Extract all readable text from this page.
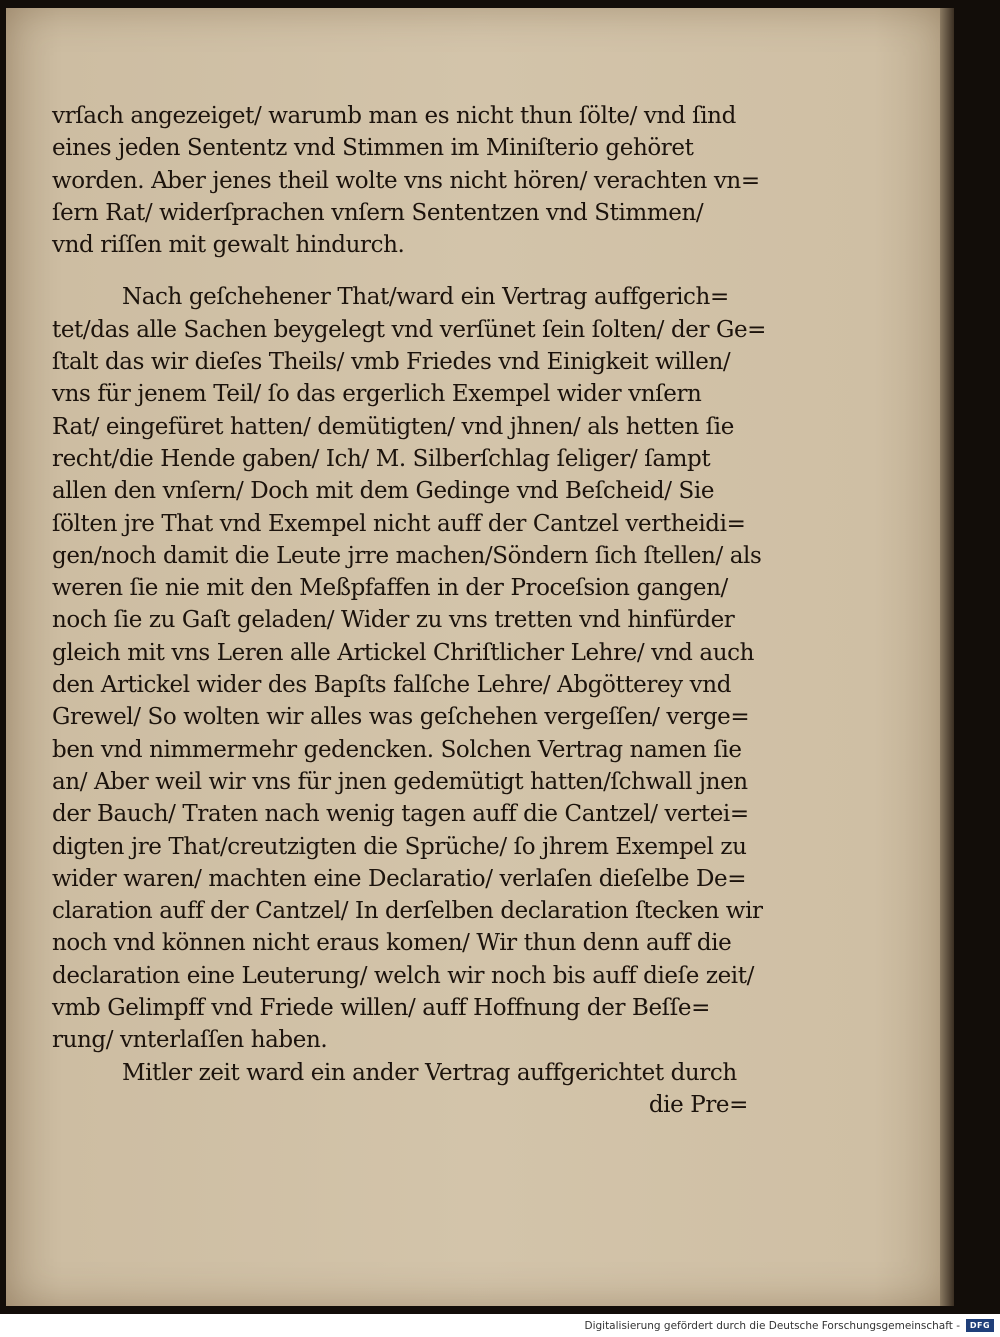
vrſach angezeiget/ warumb man es nicht thun ſölte/ vnd ſind
eines jeden Sententz vnd Stimmen im Miniſterio gehöret
worden. Aber jenes theil wolte vns nicht hören/ verachten vn=
ſern Rat/ widerſprachen vnſern Sententzen vnd Stimmen/
vnd riſſen mit gewalt hindurch.
Nach geſchehener That/ward ein Vertrag auffgerich=
tet/das alle Sachen beygelegt vnd verſünet ſein ſolten/ der Ge=
ſtalt das wir dieſes Theils/ vmb Friedes vnd Einigkeit willen/
vns für jenem Teil/ ſo das ergerlich Exempel wider vnſern
Rat/ eingefüret hatten/ demütigten/ vnd jhnen/ als hetten ſie
recht/die Hende gaben/ Ich/ M. Silberſchlag ſeliger/ ſampt
allen den vnſern/ Doch mit dem Gedinge vnd Beſcheid/ Sie
ſölten jre That vnd Exempel nicht auff der Cantzel vertheidi=
gen/noch damit die Leute jrre machen/Söndern ſich ſtellen/ als
weren ſie nie mit den Meßpfaffen in der Proceſsion gangen/
noch ſie zu Gaſt geladen/ Wider zu vns tretten vnd hinfürder
gleich mit vns Leren alle Artickel Chriſtlicher Lehre/ vnd auch
den Artickel wider des Bapſts falſche Lehre/ Abgötterey vnd
Grewel/ So wolten wir alles was geſchehen vergeſſen/ verge=
ben vnd nimmermehr gedencken. Solchen Vertrag namen ſie
an/ Aber weil wir vns für jnen gedemütigt hatten/ſchwall jnen
der Bauch/ Traten nach wenig tagen auff die Cantzel/ vertei=
digten jre That/creutzigten die Sprüche/ ſo jhrem Exempel zu
wider waren/ machten eine Declaratio/ verlaſen dieſelbe De=
claration auff der Cantzel/ In derſelben declaration ſtecken wir
noch vnd können nicht eraus komen/ Wir thun denn auff die
declaration eine Leuterung/ welch wir noch bis auff dieſe zeit/
vmb Gelimpff vnd Friede willen/ auff Hoffnung der Beſſe=
rung/ vnterlaſſen haben.
Mitler zeit ward ein ander Vertrag auffgerichtet durch
die Pre=
Digitalisierung gefördert durch die Deutsche Forschungsgemeinschaft -	DFG
